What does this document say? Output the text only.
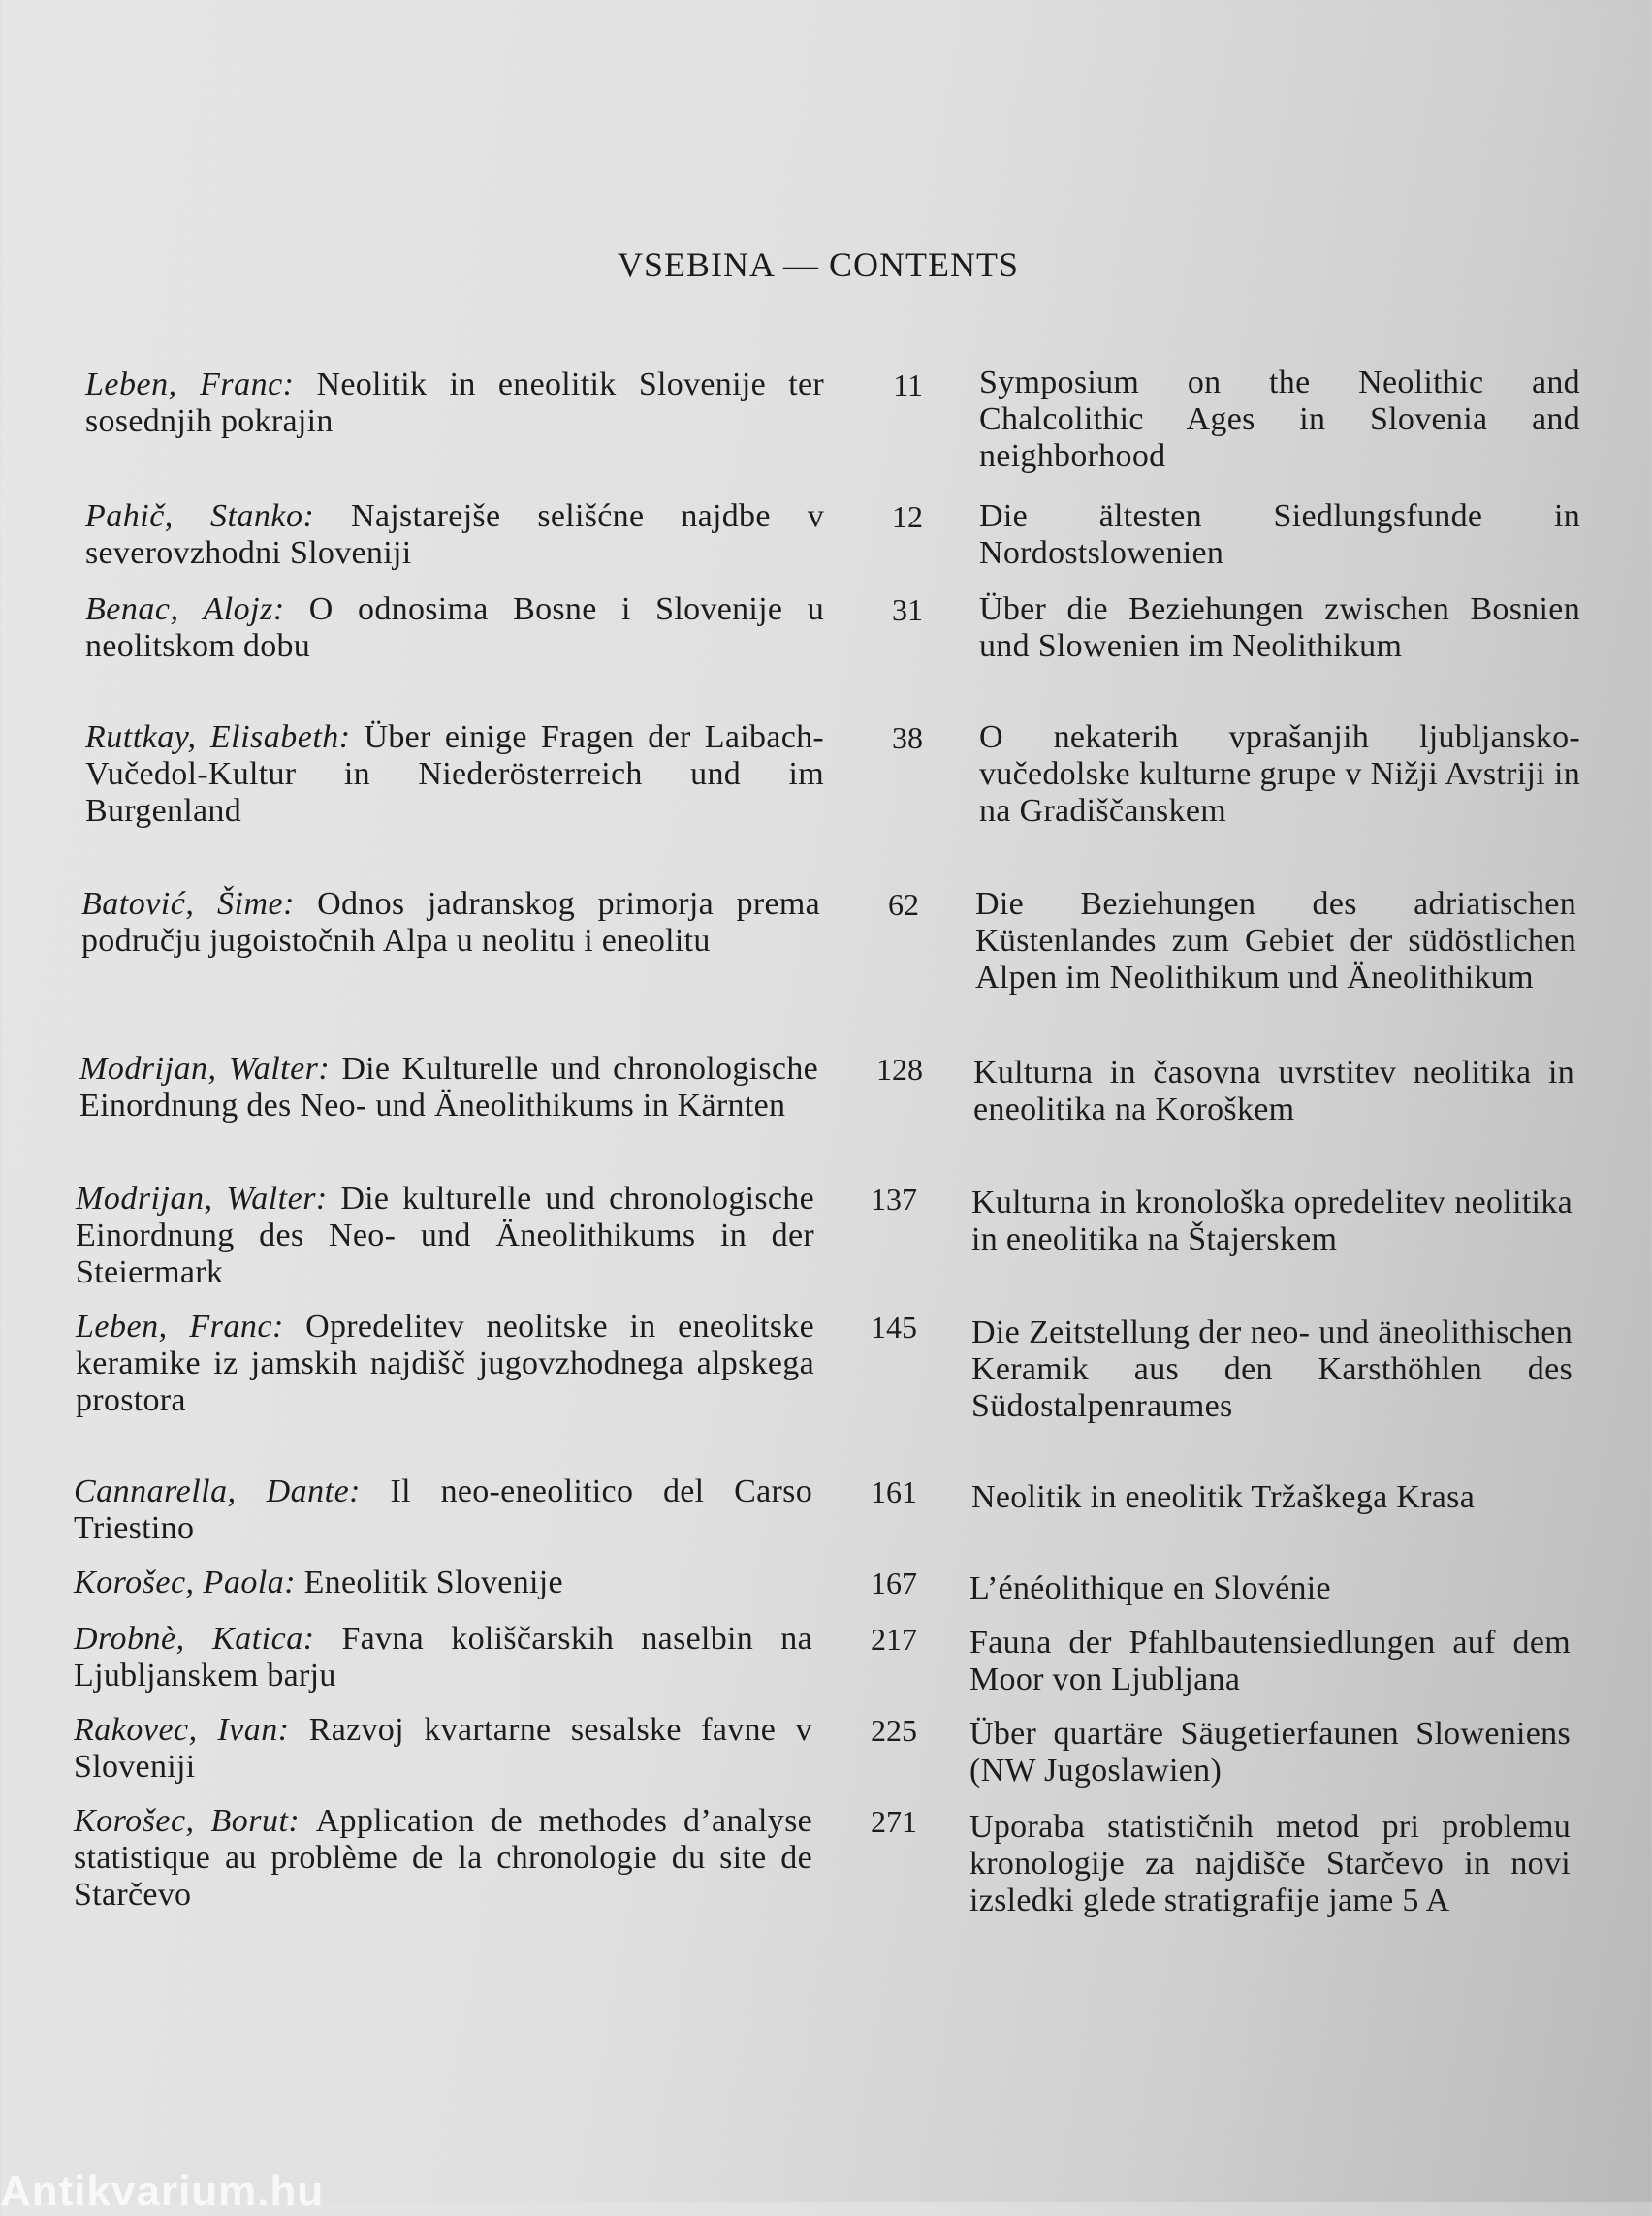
VSEBINA — CONTENTS
Leben, Franc: Neolitik in eneolitik Slovenije ter sosednjih pokrajin
11 Symposium on the Neolithic and Chalcolithic Ages in Slovenia and neighborhood
Pahič, Stanko: Najstarejše selišćne najdbe v severovzhodni Sloveniji
12 Die ältesten Siedlungsfunde in Nordostslowenien
Benac, Alojz: O odnosima Bosne i Slovenije u neolitskom dobu
31 Über die Beziehungen zwischen Bosnien und Slowenien im Neolithikum
Ruttkay, Elisabeth: Über einige Fragen der Laibach-Vučedol-Kultur in Niederösterreich und im Burgenland
38 O nekaterih vprašanjih ljubljansko-vučedolske kulturne grupe v Nižji Avstriji in na Gradiščanskem
Batović, Šime: Odnos jadranskog primorja prema području jugoistočnih Alpa u neolitu i eneolitu
62 Die Beziehungen des adriatischen Küstenlandes zum Gebiet der südöstlichen Alpen im Neolithikum und Äneolithikum
Modrijan, Walter: Die Kulturelle und chronologische Einordnung des Neo- und Äneolithikums in Kärnten
128 Kulturna in časovna uvrstitev neolitika in eneolitika na Koroškem
Modrijan, Walter: Die kulturelle und chronologische Einordnung des Neo- und Äneolithikums in der Steiermark
137 Kulturna in kronološka opredelitev neolitika in eneolitika na Štajerskem
Leben, Franc: Opredelitev neolitske in eneolitske keramike iz jamskih najdišč jugovzhodnega alpskega prostora
145 Die Zeitstellung der neo- und äneolithischen Keramik aus den Karsthöhlen des Südostalpenraumes
Cannarella, Dante: Il neo-eneolitico del Carso Triestino
161 Neolitik in eneolitik Tržaškega Krasa
Korošec, Paola: Eneolitik Slovenije	167 L’énéolithique en Slovénie
Drobnè, Katica: Favna koliščarskih naselbin na Ljubljanskem barju
217 Fauna der Pfahlbautensiedlungen auf dem Moor von Ljubljana
Rakovec, Ivan: Razvoj kvartarne sesalske favne v Sloveniji
225 Über quartäre Säugetierfaunen Sloweniens (NW Jugoslawien)
Korošec, Borut: Application de methodes d’analyse statistique au problème de la chronologie du site de Starčevo
271 Uporaba statističnih metod pri problemu kronologije za najdišče Starčevo in novi izsledki glede stratigrafije jame 5 A
Antikvarium.hu
